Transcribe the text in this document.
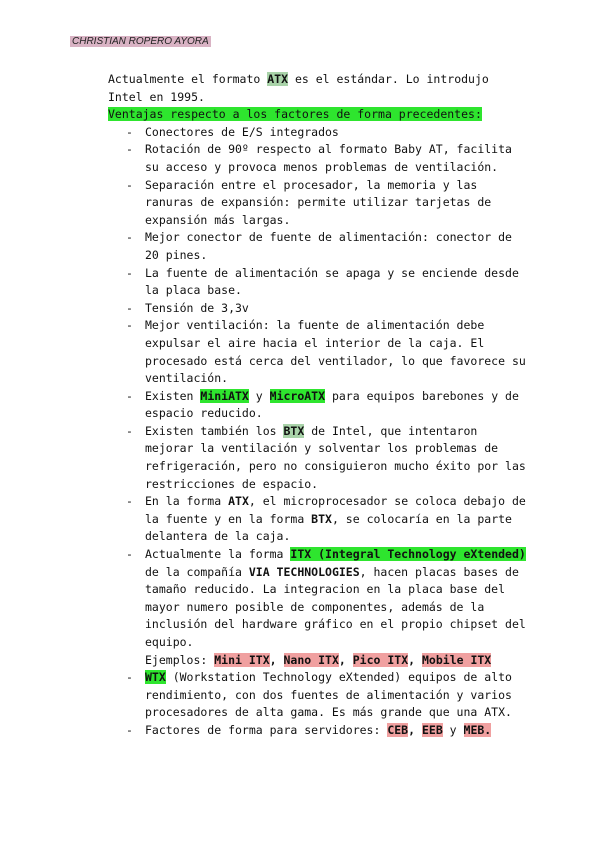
CHRISTIAN ROPERO AYORA

Actualmente el formato ATX es el estándar. Lo introdujo Intel en 1995.

Ventajas respecto a los factores de forma precedentes:

- Conectores de E/S integrados
- Rotación de 90º respecto al formato Baby AT, facilita su acceso y provoca menos problemas de ventilación.
- Separación entre el procesador, la memoria y las ranuras de expansión: permite utilizar tarjetas de expansión más largas.
- Mejor conector de fuente de alimentación: conector de 20 pines.
- La fuente de alimentación se apaga y se enciende desde la placa base.
- Tensión de 3,3v
- Mejor ventilación: la fuente de alimentación debe expulsar el aire hacia el interior de la caja. El procesado está cerca del ventilador, lo que favorece su ventilación.
- Existen MiniATX y MicroATX para equipos barebones y de espacio reducido.
- Existen también los BTX de Intel, que intentaron mejorar la ventilación y solventar los problemas de refrigeración, pero no consiguieron mucho éxito por las restricciones de espacio.
- En la forma ATX, el microprocesador se coloca debajo de la fuente y en la forma BTX, se colocaría en la parte delantera de la caja.
- Actualmente la forma ITX (Integral Technology eXtended) de la compañía VIA TECHNOLOGIES, hacen placas bases de tamaño reducido. La integracion en la placa base del mayor numero posible de componentes, además de la inclusión del hardware gráfico en el propio chipset del equipo.
Ejemplos: Mini ITX, Nano ITX, Pico ITX, Mobile ITX
- WTX (Workstation Technology eXtended) equipos de alto rendimiento, con dos fuentes de alimentación y varios procesadores de alta gama. Es más grande que una ATX.
- Factores de forma para servidores: CEB, EEB y MEB.
